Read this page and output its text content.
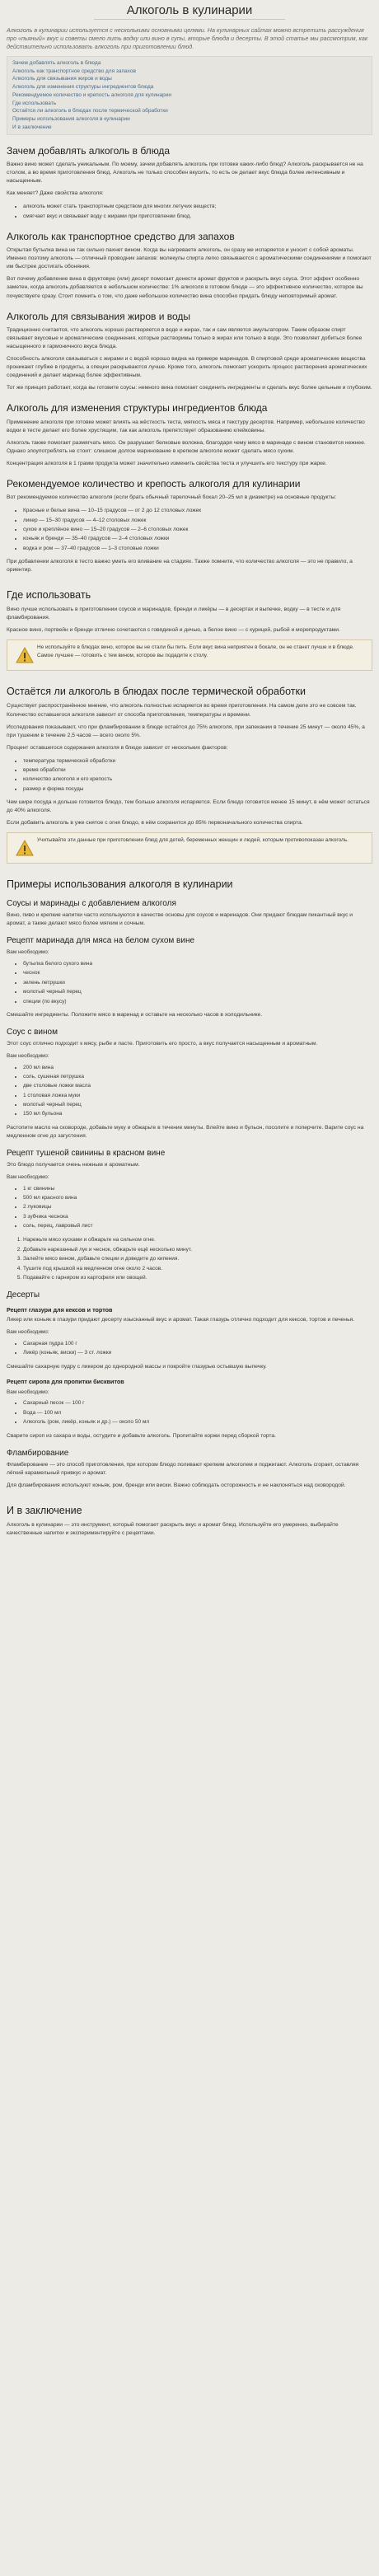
Алкоголь в кулинарии

Алкоголь в кулинарии используется с несколькими основными целями. На кулинарных сайтах можно встретить рассуждения про «пьяный» вкус и советы смело лить водку или вино в супы, вторые блюда и десерты. В этой статье мы рассмотрим, как действительно использовать алкоголь при приготовлении блюд.

Зачем добавлять алкоголь в блюда
Алкоголь как транспортное средство для запахов
Алкоголь для связывания жиров и воды
Алкоголь для изменения структуры ингредиентов блюда
Рекомендуемое количество и крепость алкоголя для кулинарии
Где использовать
Остаётся ли алкоголь в блюдах после термической обработки
Примеры использования алкоголя в кулинарии
И в заключение
Зачем добавлять алкоголь в блюда

Важно вино может сделать уникальным. По моему, зачем добавлять алкоголь при готовке каких-либо блюд? Алкоголь раскрывается не на столом, а во время приготовления блюд. Алкоголь не только способен вкусить, то есть он делает вкус блюда более интенсивным и насыщенным.

Как меняет? Даже свойства алкоголя:

• алкоголь может стать транспортным средством для многих летучих веществ;
• смягчает вкус и связывает воду с жирами при приготовлении блюд.
Алкоголь как транспортное средство для запахов

Открытая бутылка вина не так сильно пахнет вином. Когда вы нагреваете алкоголь, он сразу же испаряется и уносит с собой ароматы. Именно поэтому алкоголь — отличный проводник запахов: молекулы спирта легко связываются с ароматическими соединениями и помогают им быстрее достигать обоняния.

Вот почему добавление вина в фруктовую (или) десерт помогает донести аромат фруктов и раскрыть вкус соуса. Этот эффект особенно заметен, когда алкоголь добавляется в небольшом количестве: 1% алкоголя в готовом блюде — это эффективное количество, которое вы почувствуете сразу. Стоит помнить о том, что даже небольшое количество вина способно придать блюду неповторимый аромат.

Алкоголь для связывания жиров и воды

Традиционно считается, что алкоголь хорошо растворяется в воде и жирах, так и сам является эмульгатором. Таким образом спирт связывает вкусовые и ароматические соединения, которые растворимы только в жирах или только в воде. Это позволяет добиться более насыщенного и гармоничного вкуса блюда.

Способность алкоголя связываться с жирами и с водой хорошо видна на примере маринадов. В спиртовой среде ароматические вещества проникают глубже в продукты, а специи раскрываются лучше. Кроме того, алкоголь помогает ускорить процесс растворения ароматических соединений и делает маринад более эффективным.

Тот же принцип работает, когда вы готовите соусы: немного вина помогает соединить ингредиенты и сделать вкус более цельным и глубоким.

Алкоголь для изменения структуры ингредиентов блюда

Применение алкоголя при готовке может влиять на жёсткость теста, мягкость мяса и текстуру десертов. Например, небольшое количество водки в тесте делает его более хрустящим, так как алкоголь препятствует образованию клейковины.

Алкоголь также помогает размягчать мясо. Он разрушает белковые волокна, благодаря чему мясо в маринаде с вином становится нежнее. Однако злоупотреблять не стоит: слишком долгое маринование в крепком алкоголе может сделать мясо сухим.

Концентрация алкоголя в 1 грамм продукта может значительно изменить свойства теста и улучшить его текстуру при жарке.

Рекомендуемое количество и крепость алкоголя для кулинарии

Вот рекомендуемое количество алкоголя (если брать обычный тарелочный бокал 20–25 мл в диаметре) на основные продукты:

• Красные и белые вина — 10–15 градусов — от 2 до 12 столовых ложек
• ликер — 15–30 градусов — 4–12 столовых ложек
• сухое и креплёное вино — 15–20 градусов — 2–6 столовых ложек
• коньяк и бренди — 35–40 градусов — 2–4 столовых ложки
• водка и ром — 37–40 градусов — 1–3 столовые ложки

При добавлении алкоголя в тесто важно уметь его вливание на стадиях. Также помните, что количество алкоголя — это не правило, а ориентир.

Где использовать

Вино лучше использовать в приготовлении соусов и маринадов, бренди и ликёры — в десертах и выпечке, водку — в тесте и для фламбирования.

Красное вино, портвейн и бренди отлично сочетаются с говядиной и дичью, а белое вино — с курицей, рыбой и морепродуктами.

Не используйте в блюдах вино, которое вы не стали бы пить. Если вкус вина неприятен в бокале, он не станет лучше и в блюде. Самое лучшее — готовить с тем вином, которое вы подадите к столу.
Остаётся ли алкоголь в блюдах после термической обработки

Существует распространённое мнение, что алкоголь полностью испаряется во время приготовления. На самом деле это не совсем так. Количество оставшегося алкоголя зависит от способа приготовления, температуры и времени.

Исследования показывают, что при фламбировании в блюде остаётся до 75% алкоголя, при запекании в течение 25 минут — около 45%, а при тушении в течение 2,5 часов — всего около 5%.

Процент оставшегося содержания алкоголя в блюде зависит от нескольких факторов:

• температура термической обработки
• время обработки
• количество алкоголя и его крепость
• размер и форма посуды

Чем шире посуда и дольше готовится блюдо, тем больше алкоголя испаряется. Если блюдо готовится менее 15 минут, в нём может остаться до 40% алкоголя.

Если добавить алкоголь в уже снятое с огня блюдо, в нём сохранится до 85% первоначального количества спирта.

Учитывайте эти данные при приготовлении блюд для детей, беременных женщин и людей, которым противопоказан алкоголь.
Примеры использования алкоголя в кулинарии
Соусы и маринады с добавлением алкоголя

Вино, пиво и крепкие напитки часто используются в качестве основы для соусов и маринадов. Они придают блюдам пикантный вкус и аромат, а также делают мясо более мягким и сочным.

Рецепт маринада для мяса на белом сухом вине

Вам необходимо:

• бутылка белого сухого вина
• чеснок
• зелень петрушки
• молотый черный перец
• специи (по вкусу)

Смешайте ингредиенты. Положите мясо в маринад и оставьте на несколько часов в холодильнике.

Соус с вином

Этот соус отлично подходит к мясу, рыбе и пасте. Приготовить его просто, а вкус получается насыщенным и ароматным.

Вам необходимо:

• 200 мл вина
• соль, сушеная петрушка
• две столовые ложки масла
• 1 столовая ложка муки
• молотый черный перец
• 150 мл бульона

Растопите масло на сковороде, добавьте муку и обжарьте в течение минуты. Влейте вино и бульон, посолите и поперчите. Варите соус на медленном огне до загустения.

Рецепт тушеной свинины в красном вине

Это блюдо получается очень нежным и ароматным.

Вам необходимо:

• 1 кг свинины
• 500 мл красного вина
• 2 луковицы
• 3 зубчика чеснока
• соль, перец, лавровый лист
1. Нарежьте мясо кусками и обжарьте на сильном огне.
2. Добавьте нарезанный лук и чеснок, обжарьте ещё несколько минут.
3. Залейте мясо вином, добавьте специи и доведите до кипения.
4. Тушите под крышкой на медленном огне около 2 часов.
5. Подавайте с гарниром из картофеля или овощей.
Десерты
Рецепт глазури для кексов и тортов

Ликер или коньяк в глазури придают десерту изысканный вкус и аромат. Такая глазурь отлично подходит для кексов, тортов и печенья.

Вам необходимо:

• Сахарная пудра 100 г
• Ликёр (коньяк, виски) — 3 ст. ложки

Смешайте сахарную пудру с ликером до однородной массы и покройте глазурью остывшую выпечку.

Рецепт сиропа для пропитки бисквитов

Вам необходимо:

• Сахарный песок — 100 г
• Вода — 100 мл
• Алкоголь (ром, ликёр, коньяк и др.) — около 50 мл

Сварите сироп из сахара и воды, остудите и добавьте алкоголь. Пропитайте коржи перед сборкой торта.

Фламбирование

Фламбирование — это способ приготовления, при котором блюдо поливают крепким алкоголем и поджигают. Алкоголь сгорает, оставляя лёгкий карамельный привкус и аромат.

Для фламбирования используют коньяк, ром, бренди или виски. Важно соблюдать осторожность и не наклоняться над сковородой.

И в заключение

Алкоголь в кулинарии — это инструмент, который помогает раскрыть вкус и аромат блюд. Используйте его умеренно, выбирайте качественные напитки и экспериментируйте с рецептами.
